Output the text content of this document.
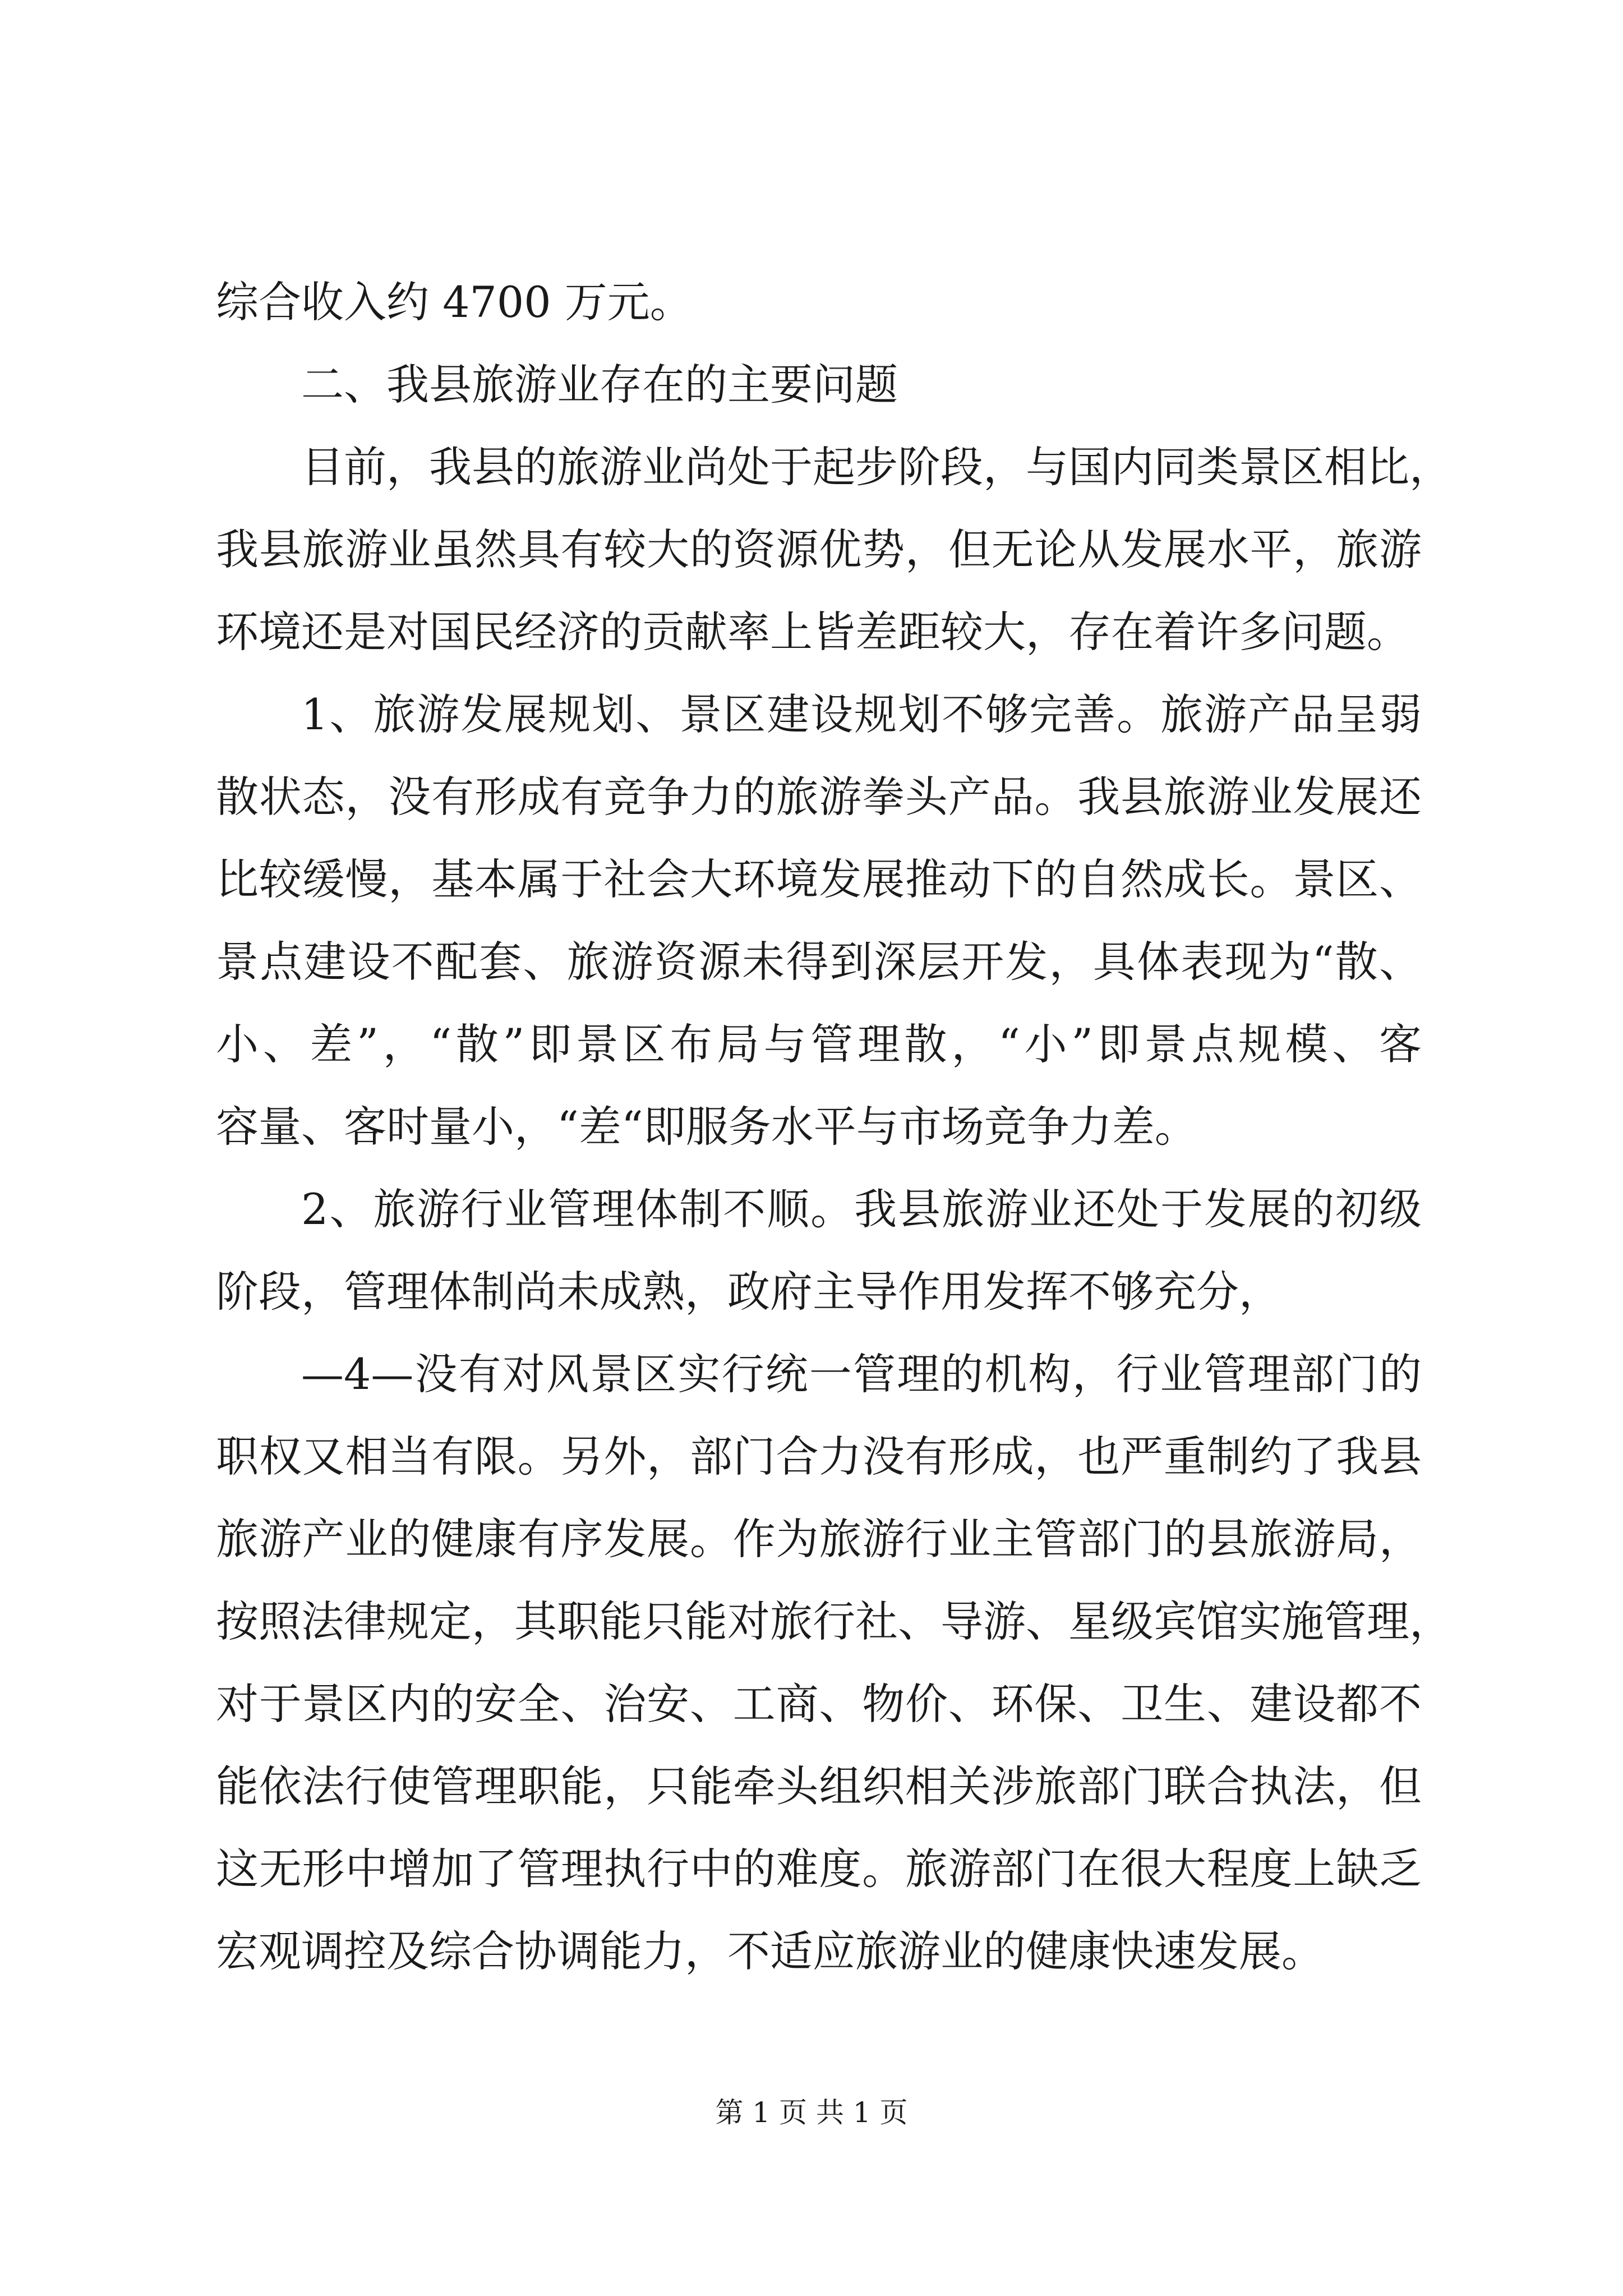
综合收入约 4700 万元。
二、我县旅游业存在的主要问题
目前，我县的旅游业尚处于起步阶段，与国内同类景区相比，
我县旅游业虽然具有较大的资源优势，但无论从发展水平，旅游
环境还是对国民经济的贡献率上皆差距较大，存在着许多问题。
1、旅游发展规划、景区建设规划不够完善。旅游产品呈弱
散状态，没有形成有竞争力的旅游拳头产品。我县旅游业发展还
比较缓慢，基本属于社会大环境发展推动下的自然成长。景区、
景点建设不配套、旅游资源未得到深层开发，具体表现为“散、
小、差”，“散”即景区布局与管理散，“小”即景点规模、客
容量、客时量小，“差“即服务水平与市场竞争力差。
2、旅游行业管理体制不顺。我县旅游业还处于发展的初级
阶段，管理体制尚未成熟，政府主导作用发挥不够充分，
—4—没有对风景区实行统一管理的机构，行业管理部门的
职权又相当有限。另外，部门合力没有形成，也严重制约了我县
旅游产业的健康有序发展。作为旅游行业主管部门的县旅游局，
按照法律规定，其职能只能对旅行社、导游、星级宾馆实施管理，
对于景区内的安全、治安、工商、物价、环保、卫生、建设都不
能依法行使管理职能，只能牵头组织相关涉旅部门联合执法，但
这无形中增加了管理执行中的难度。旅游部门在很大程度上缺乏
宏观调控及综合协调能力，不适应旅游业的健康快速发展。
第 1 页 共 1 页
